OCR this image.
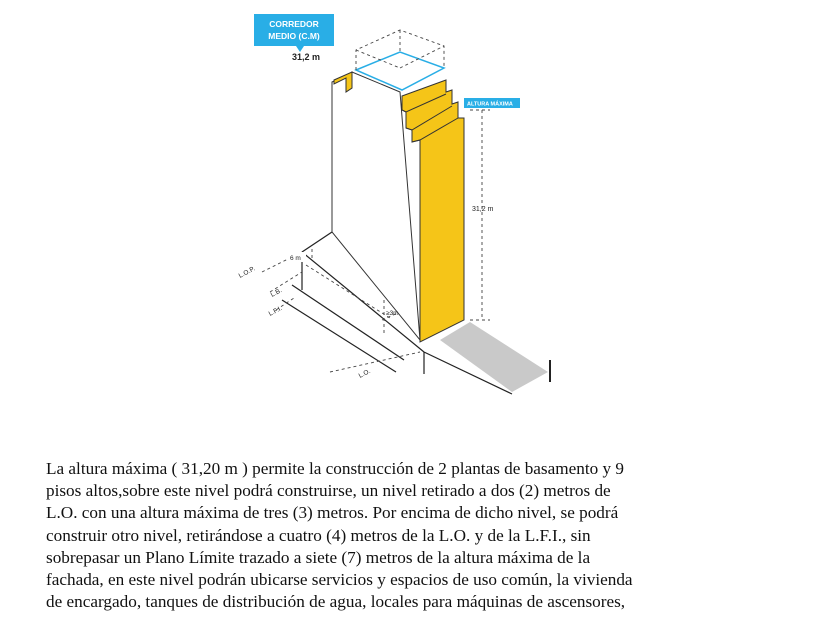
CORREDOR
MEDIO (C.M)
31,2 m
ALTURA MÁXIMA
31,2 m
6 m
≥3m
L.O.P.
L.B.
L.F.I.
L.O.
La altura máxima ( 31,20 m ) permite la construcción de 2 plantas de basamento y 9
pisos altos,sobre este nivel podrá construirse, un nivel retirado a dos (2) metros de
L.O. con una altura máxima de tres (3) metros. Por encima de dicho nivel, se podrá
construir otro nivel, retirándose a cuatro (4) metros de la L.O. y de la L.F.I., sin
sobrepasar un Plano Límite trazado a siete (7) metros de la altura máxima de la
fachada, en este nivel podrán ubicarse servicios y espacios de uso común, la vivienda
de encargado, tanques de distribución de agua, locales para máquinas de ascensores,
